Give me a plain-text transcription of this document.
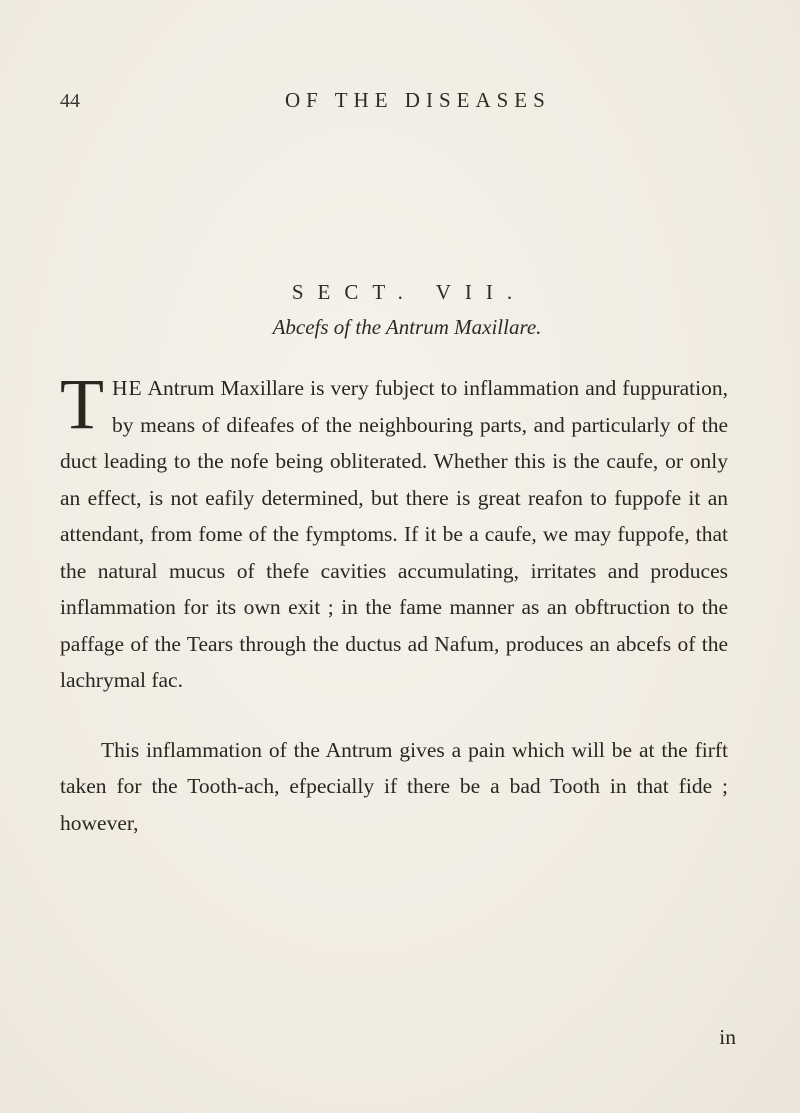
44	OF THE DISEASES
SECT. VII.
Abcefs of the Antrum Maxillare.

THE Antrum Maxillare is very fubject to inflammation and fuppuration, by means of difeafes of the neighbouring parts, and particularly of the duct leading to the nofe being obliterated. Whether this is the caufe, or only an effect, is not eafily determined, but there is great reafon to fuppofe it an attendant, from fome of the fymptoms. If it be a caufe, we may fuppofe, that the natural mucus of thefe cavities accumulating, irritates and produces inflammation for its own exit ; in the fame manner as an obftruction to the paffage of the Tears through the ductus ad Nafum, produces an abcefs of the lachrymal fac.

This inflammation of the Antrum gives a pain which will be at the firft taken for the Tooth-ach, efpecially if there be a bad Tooth in that fide ; however,

in
